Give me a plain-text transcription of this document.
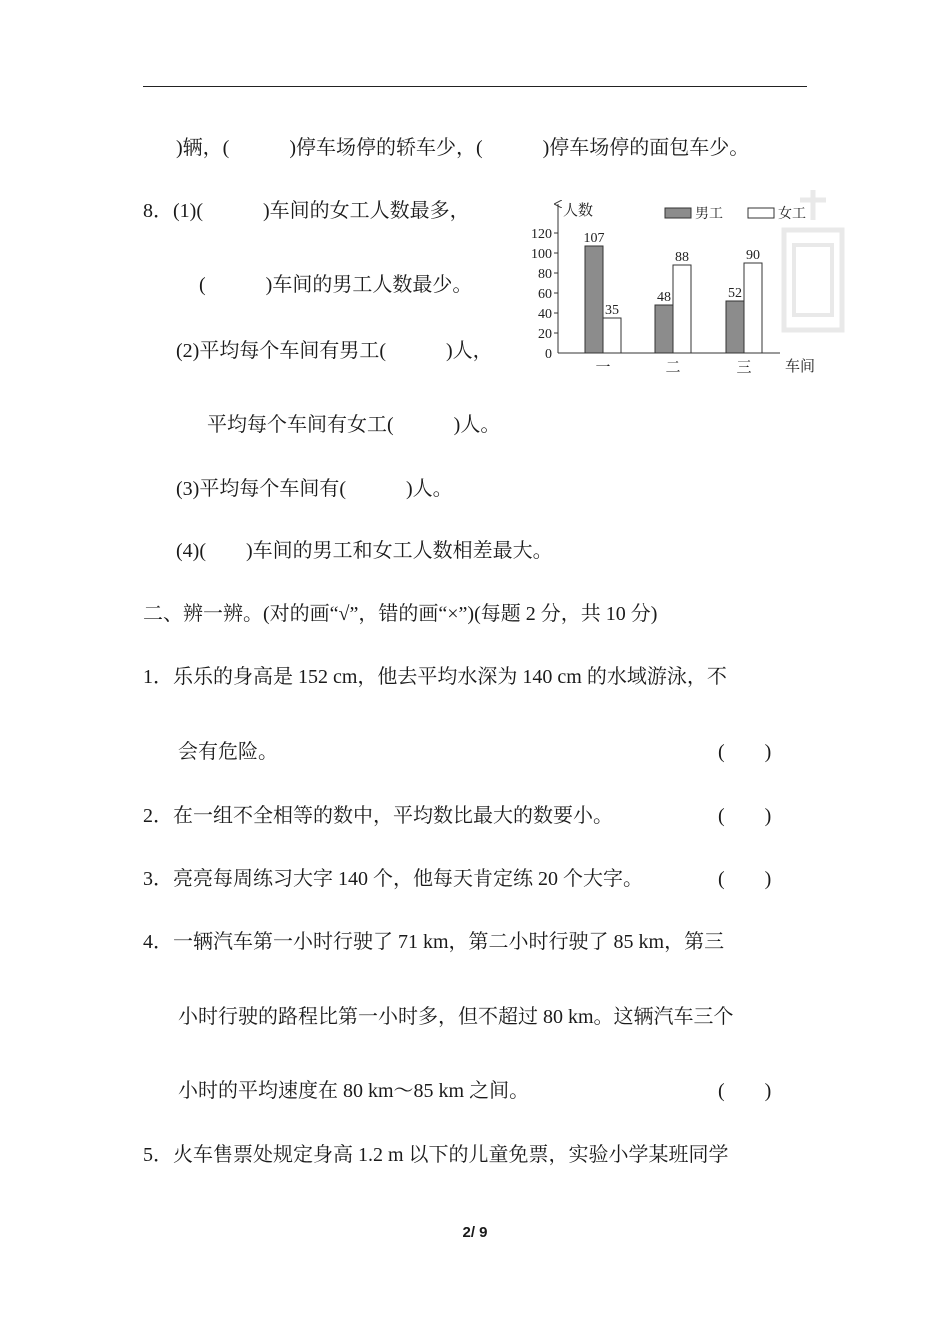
)辆，(　　　)停车场停的轿车少，(　　　)停车场停的面包车少。
8．(1)(　　　)车间的女工人数最多，
(　　　)车间的男工人数最少。
(2)平均每个车间有男工(　　　)人，
平均每个车间有女工(　　　)人。
(3)平均每个车间有(　　　)人。
(4)(　　)车间的男工和女工人数相差最大。
二、辨一辨。(对的画“√”，错的画“×”)(每题 2 分，共 10 分)
1．乐乐的身高是 152 cm，他去平均水深为 140 cm 的水域游泳，不
会有危险。	(　　)
2．在一组不全相等的数中，平均数比最大的数要小。	(　　)
3．亮亮每周练习大字 140 个，他每天肯定练 20 个大字。	(　　)
4．一辆汽车第一小时行驶了 71 km，第二小时行驶了 85 km，第三
小时行驶的路程比第一小时多，但不超过 80 km。这辆汽车三个
小时的平均速度在 80 km～85 km 之间。	(　　)
5．火车售票处规定身高 1.2 m 以下的儿童免票，实验小学某班同学
2/ 9
0
20
40
60
80
100
120
人数
车间
107
35
一
48
88
二
52
90
三
男工	女工
